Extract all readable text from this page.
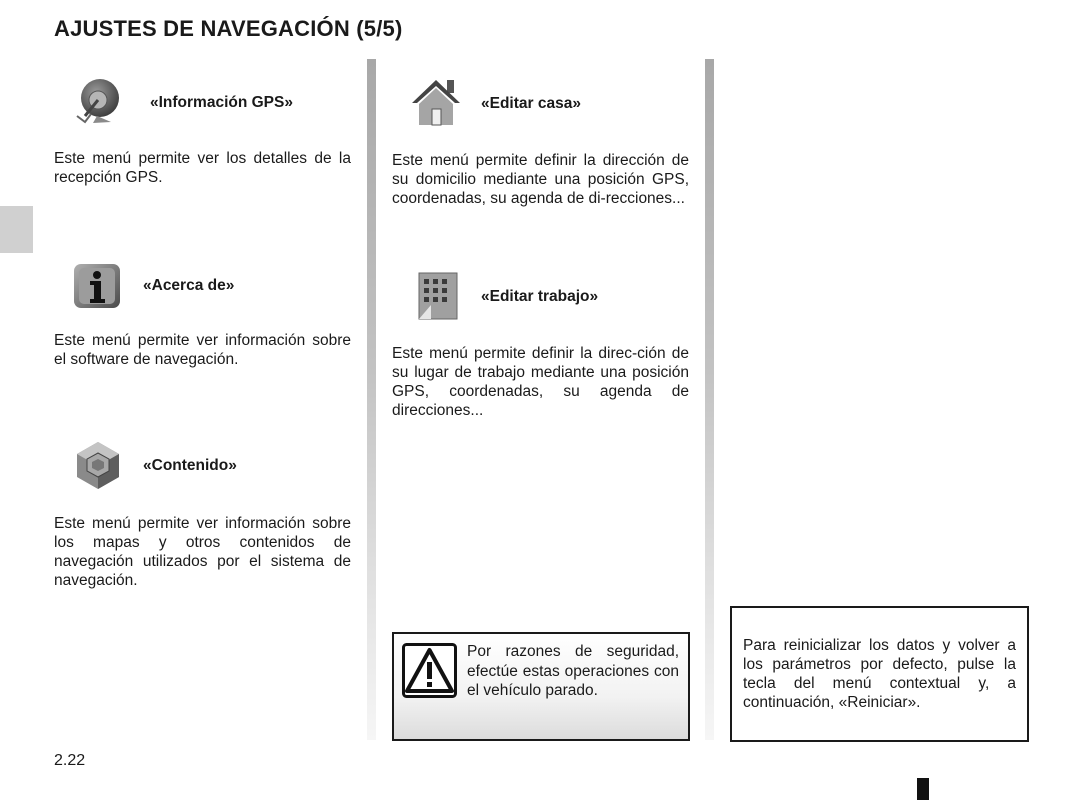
AJUSTES DE NAVEGACIÓN (5/5)
«Información GPS»

Este menú permite ver los detalles de la recepción GPS.

«Acerca de»

Este menú permite ver información sobre el software de navegación.

«Contenido»

Este menú permite ver información sobre los mapas y otros contenidos de navegación utilizados por el sistema de navegación.

«Editar casa»

Este menú permite definir la dirección de su domicilio mediante una posición GPS, coordenadas, su agenda de di-recciones...

«Editar trabajo»

Este menú permite definir la direc-ción de su lugar de trabajo mediante una posición GPS, coordenadas, su agenda de direcciones...

Por razones de seguridad, efectúe estas operaciones con el vehículo parado.

Para reinicializar los datos y volver a los parámetros por defecto, pulse la tecla del menú contextual y, a continuación, «Reiniciar».

2.22
